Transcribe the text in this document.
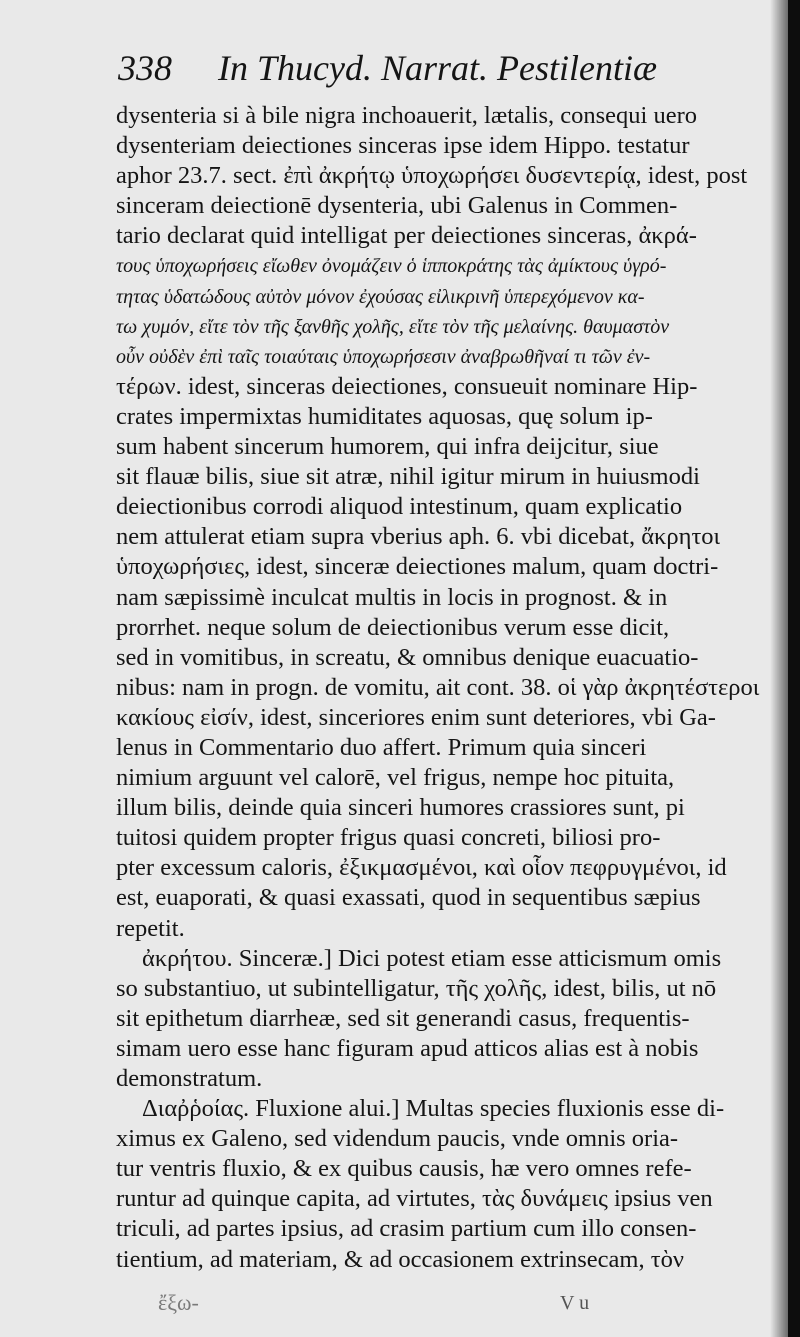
338 In Thucyd. Narrat. Pestilentiæ
dysenteria si à bile nigra inchoauerit, lætalis, consequi uero
dysenteriam deiectiones sinceras ipse idem Hippo. testatur
aphor 23.7. sect. ἐπὶ ἀκρήτῳ ὑποχωρήσει δυσεντερίᾳ, idest, post
sinceram deiectionē dysenteria, ubi Galenus in Commen-
tario declarat quid intelligat per deiectiones sinceras, ἀκρά-
τους ὑποχωρήσεις εἴωθεν ὀνομάζειν ὁ ἱπποκράτης τὰς ἀμίκτους ὑγρό-
τητας ὑδατώδους αὐτὸν μόνον ἐχούσας εἰλικρινῆ ὑπερεχόμενον κα-
τω χυμόν, εἴτε τὸν τῆς ξανθῆς χολῆς, εἴτε τὸν τῆς μελαίνης. θαυμαστὸν
οὖν οὐδὲν ἐπὶ ταῖς τοιαύταις ὑποχωρήσεσιν ἀναβρωθῆναί τι τῶν ἐν-
τέρων. idest, sinceras deiectiones, consueuit nominare Hip-
crates impermixtas humiditates aquosas, quę solum ip-
sum habent sincerum humorem, qui infra deijcitur, siue
sit flauæ bilis, siue sit atræ, nihil igitur mirum in huiusmodi
deiectionibus corrodi aliquod intestinum, quam explicatio
nem attulerat etiam supra vberius aph. 6. vbi dicebat, ἄκρητοι
ὑποχωρήσιες, idest, sinceræ deiectiones malum, quam doctri-
nam sæpissimè inculcat multis in locis in prognost. & in
prorrhet. neque solum de deiectionibus verum esse dicit,
sed in vomitibus, in screatu, & omnibus denique euacuatio-
nibus: nam in progn. de vomitu, ait cont. 38. οἱ γὰρ ἀκρητέστεροι
κακίους εἰσίν, idest, sinceriores enim sunt deteriores, vbi Ga-
lenus in Commentario duo affert. Primum quia sinceri
nimium arguunt vel calorē, vel frigus, nempe hoc pituita,
illum bilis, deinde quia sinceri humores crassiores sunt, pi
tuitosi quidem propter frigus quasi concreti, biliosi pro-
pter excessum caloris, ἐξικμασμένοι, καὶ οἷον πεφρυγμένοι, id
est, euaporati, & quasi exassati, quod in sequentibus sæpius
repetit.
ἀκρήτου. Sinceræ.] Dici potest etiam esse atticismum omis
so substantiuo, ut subintelligatur, τῆς χολῆς, idest, bilis, ut nō
sit epithetum diarrheæ, sed sit generandi casus, frequentis-
simam uero esse hanc figuram apud atticos alias est à nobis
demonstratum.
Διαῤῥοίας. Fluxione alui.] Multas species fluxionis esse di-
ximus ex Galeno, sed videndum paucis, vnde omnis oria-
tur ventris fluxio, & ex quibus causis, hæ vero omnes refe-
runtur ad quinque capita, ad virtutes, τὰς δυνάμεις ipsius ven
triculi, ad partes ipsius, ad crasim partium cum illo consen-
tientium, ad materiam, & ad occasionem extrinsecam, τὸν
ἔξω-	V u
